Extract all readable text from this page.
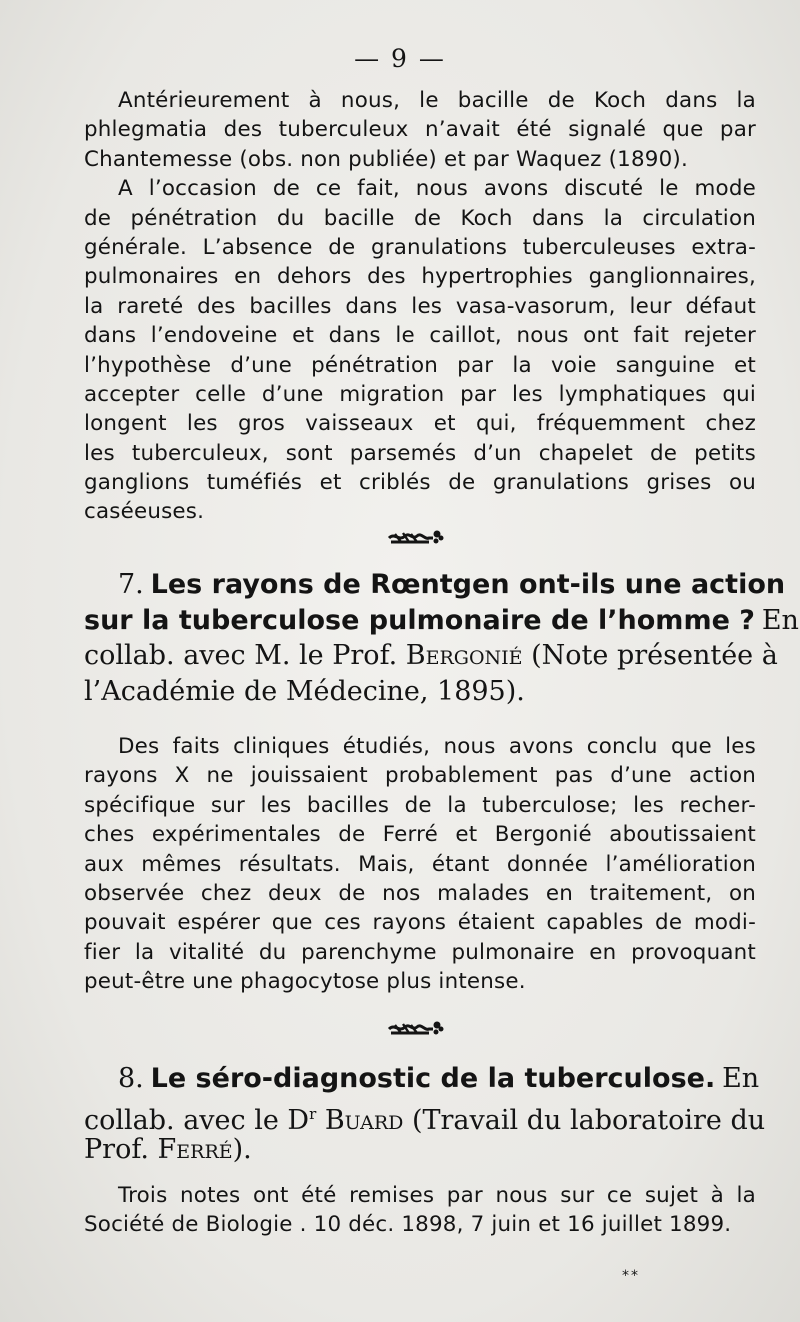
— 9 —
Antérieurement à nous, le bacille de Koch dans la
phlegmatia des tuberculeux n’avait été signalé que par
Chantemesse (obs. non publiée) et par Waquez (1890).
A l’occasion de ce fait, nous avons discuté le mode
de pénétration du bacille de Koch dans la circulation
générale. L’absence de granulations tuberculeuses extra-
pulmonaires en dehors des hypertrophies ganglionnaires,
la rareté des bacilles dans les vasa-vasorum, leur défaut
dans l’endoveine et dans le caillot, nous ont fait rejeter
l’hypothèse d’une pénétration par la voie sanguine et
accepter celle d’une migration par les lymphatiques qui
longent les gros vaisseaux et qui, fréquemment chez
les tuberculeux, sont parsemés d’un chapelet de petits
ganglions tuméfiés et criblés de granulations grises ou
caséeuses.
7. Les rayons de Rœntgen ont-ils une action
sur la tuberculose pulmonaire de l’homme ? En
collab. avec M. le Prof. Bergonié (Note présentée à
l’Académie de Médecine, 1895).
Des faits cliniques étudiés, nous avons conclu que les
rayons X ne jouissaient probablement pas d’une action
spécifique sur les bacilles de la tuberculose; les recher-
ches expérimentales de Ferré et Bergonié aboutissaient
aux mêmes résultats. Mais, étant donnée l’amélioration
observée chez deux de nos malades en traitement, on
pouvait espérer que ces rayons étaient capables de modi-
fier la vitalité du parenchyme pulmonaire en provoquant
peut-être une phagocytose plus intense.
8. Le séro-diagnostic de la tuberculose. En
collab. avec le $D^r$ Buard (Travail du laboratoire du
Prof. Ferré).
Trois notes ont été remises par nous sur ce sujet à la
Société de Biologie . 10 déc. 1898, 7 juin et 16 juillet 1899.
**
